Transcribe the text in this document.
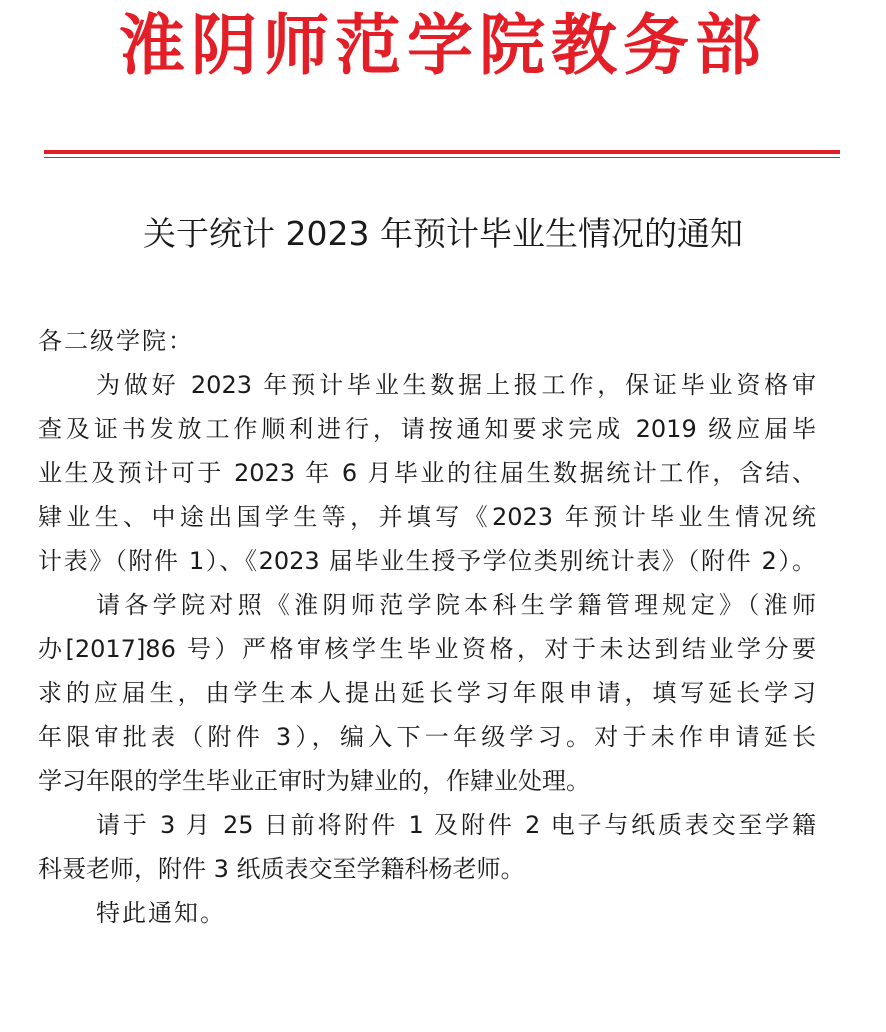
淮阴师范学院教务部
关于统计 2023 年预计毕业生情况的通知
各二级学院：
为做好 2023 年预计毕业生数据上报工作，保证毕业资格审
查及证书发放工作顺利进行，请按通知要求完成 2019 级应届毕
业生及预计可于 2023 年 6 月毕业的往届生数据统计工作，含结、
肄业生、中途出国学生等，并填写《2023 年预计毕业生情况统
计表》（附件 1）、《2023 届毕业生授予学位类别统计表》（附件 2）。
请各学院对照《淮阴师范学院本科生学籍管理规定》（淮师
办[2017]86 号）严格审核学生毕业资格，对于未达到结业学分要
求的应届生，由学生本人提出延长学习年限申请，填写延长学习
年限审批表（附件 3），编入下一年级学习。对于未作申请延长
学习年限的学生毕业正审时为肄业的，作肄业处理。
请于 3 月 25 日前将附件 1 及附件 2 电子与纸质表交至学籍
科聂老师，附件 3 纸质表交至学籍科杨老师。
特此通知。
